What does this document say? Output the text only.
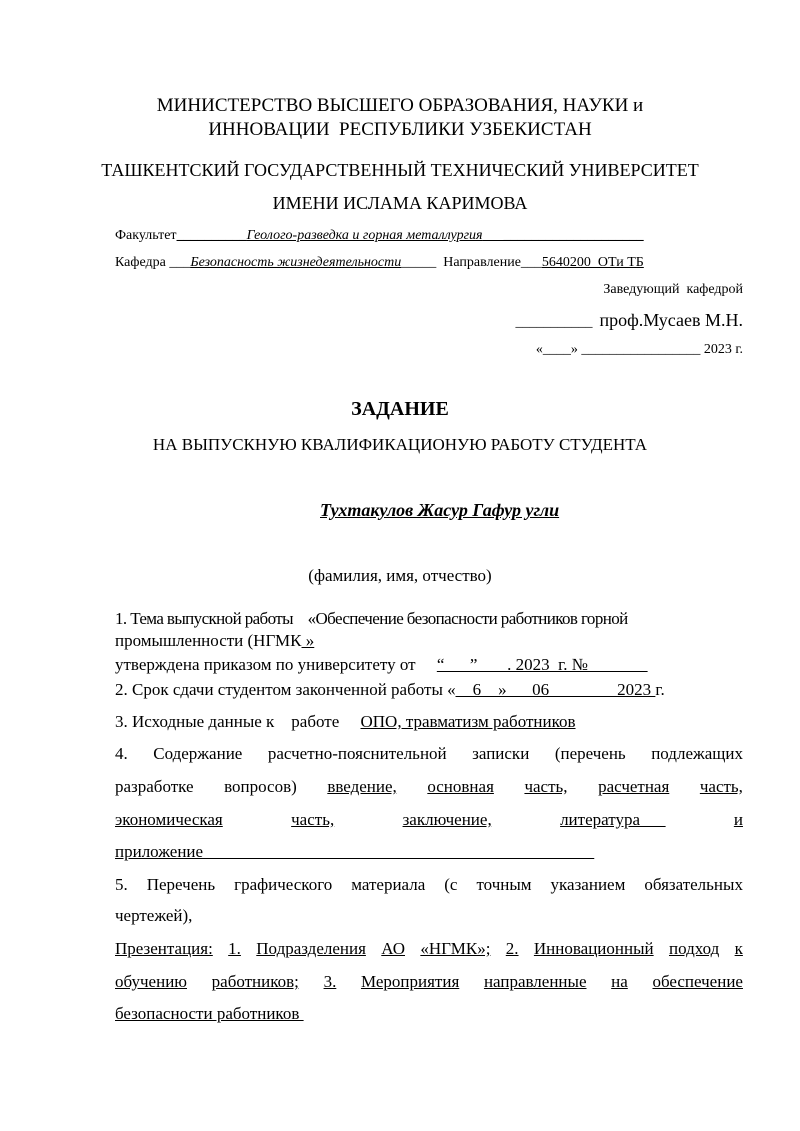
МИНИСТЕРСТВО ВЫСШЕГО ОБРАЗОВАНИЯ, НАУКИ и
ИННОВАЦИИ  РЕСПУБЛИКИ УЗБЕКИСТАН
ТАШКЕНТСКИЙ ГОСУДАРСТВЕННЫЙ ТЕХНИЧЕСКИЙ УНИВЕРСИТЕТ
ИМЕНИ ИСЛАМА КАРИМОВА
Факультет__________Геолого-разведка и горная металлургия      ____________________
Кафедра ___Безопасность жизнедеятельности_____  Направление___5640200  ОТи ТБ
Заведующий  кафедрой
___________  проф.Мусаев М.Н.
«____» _________________ 2023 г.
ЗАДАНИЕ
НА ВЫПУСКНУЮ КВАЛИФИКАЦИОНУЮ РАБОТУ СТУДЕНТА
Тухтакулов Жасур Гафур угли
(фамилия, имя, отчество)
1. Тема выпускной работы «Обеспечение безопасности работников горной
промышленности (НГМК »
утверждена приказом по университету от “___”___ . 2023  г. №_______
2. Срок сдачи студентом законченной работы «__6__»___06________2023 г.
3. Исходные данные к    работе ОПО, травматизм работников
4. Содержание расчетно-пояснительной записки (перечень подлежащих
разработке вопросов) введение, основная часть, расчетная часть,
экономическая	часть,	заключение,	литература___	и
приложение______________________________________________
5. Перечень графического материала (с точным указанием обязательных
чертежей),
Презентация: 1. Подразделения АО «НГМК»; 2. Инновационный подход к
обучению работников; 3. Мероприятия направленные на обеспечение
безопасности работников
